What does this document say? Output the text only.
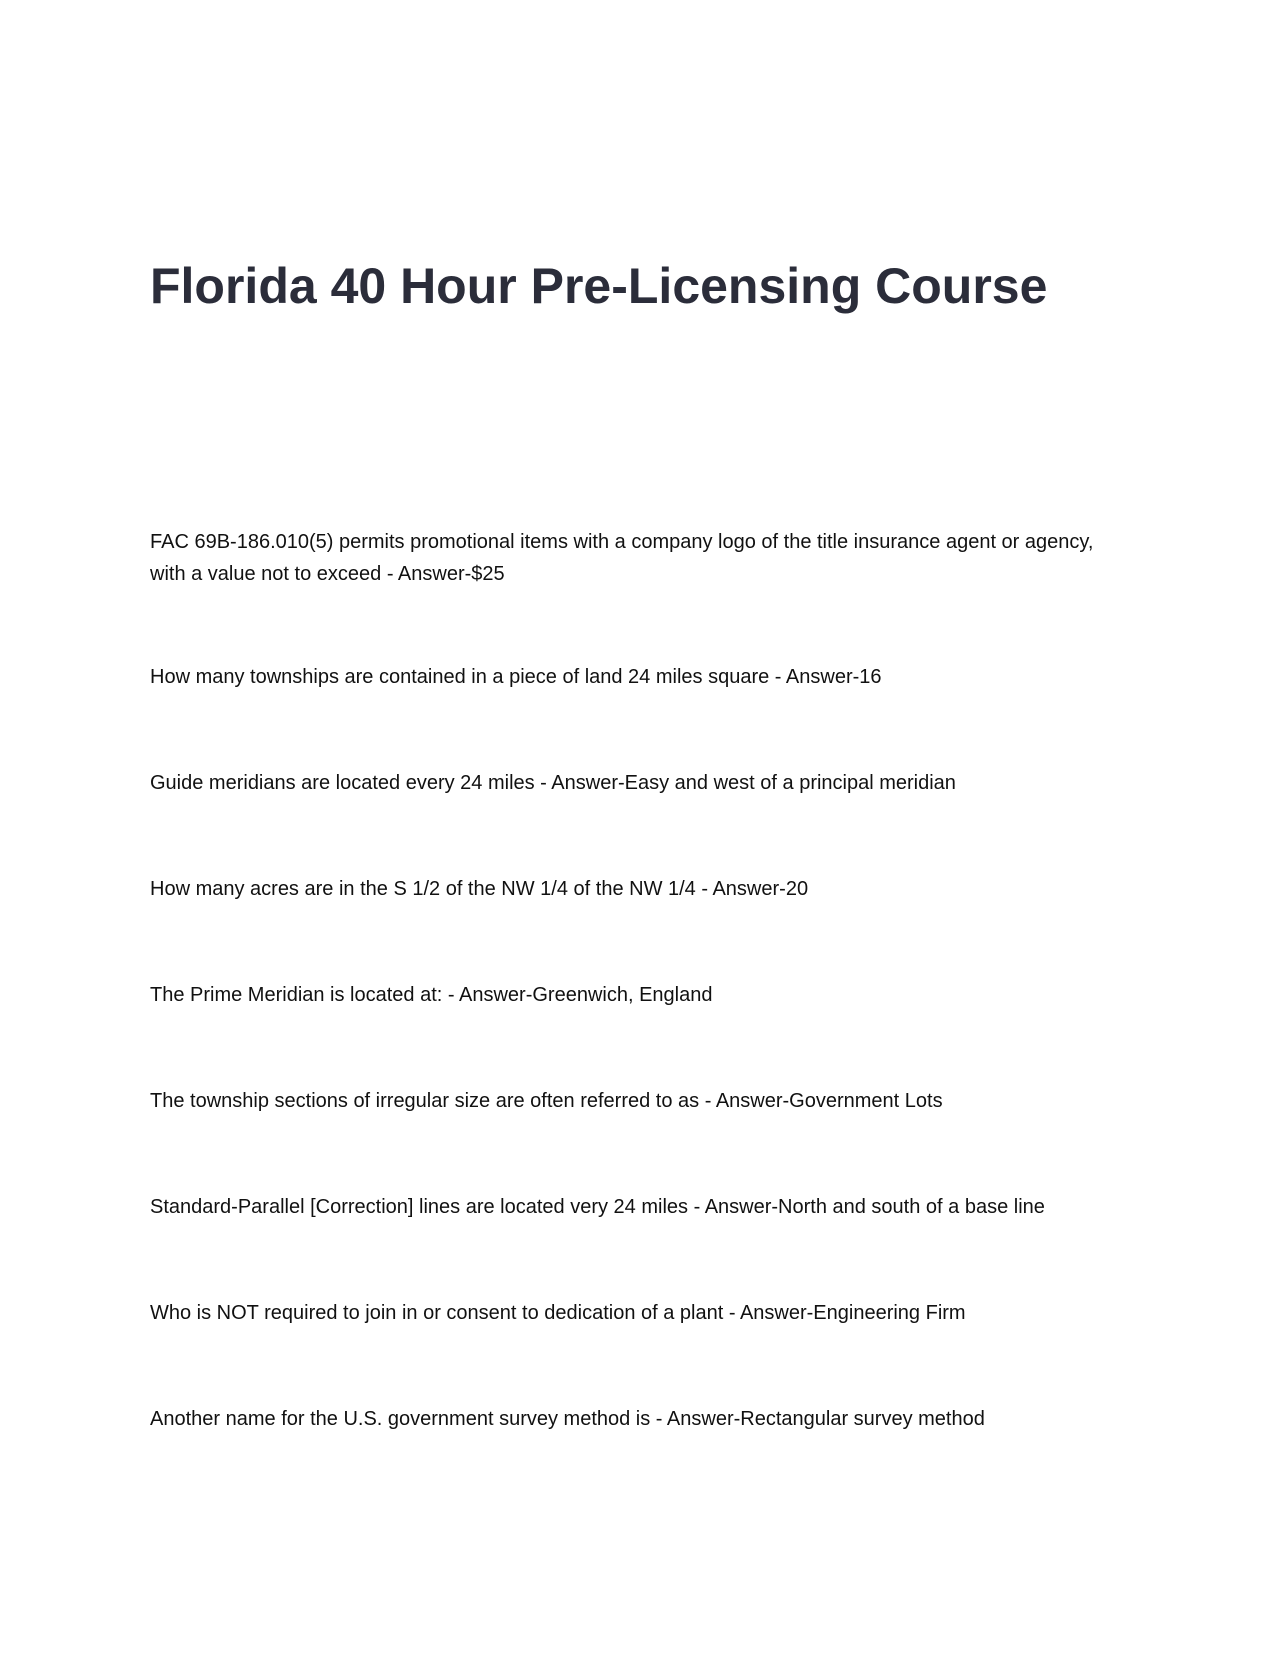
Florida 40 Hour Pre-Licensing Course
FAC 69B-186.010(5) permits promotional items with a company logo of the title insurance agent or agency, with a value not to exceed - Answer-$25
How many townships are contained in a piece of land 24 miles square - Answer-16
Guide meridians are located every 24 miles - Answer-Easy and west of a principal meridian
How many acres are in the S 1/2 of the NW 1/4 of the NW 1/4 - Answer-20
The Prime Meridian is located at: - Answer-Greenwich, England
The township sections of irregular size are often referred to as - Answer-Government Lots
Standard-Parallel [Correction] lines are located very 24 miles - Answer-North and south of a base line
Who is NOT required to join in or consent to dedication of a plant - Answer-Engineering Firm
Another name for the U.S. government survey method is - Answer-Rectangular survey method
